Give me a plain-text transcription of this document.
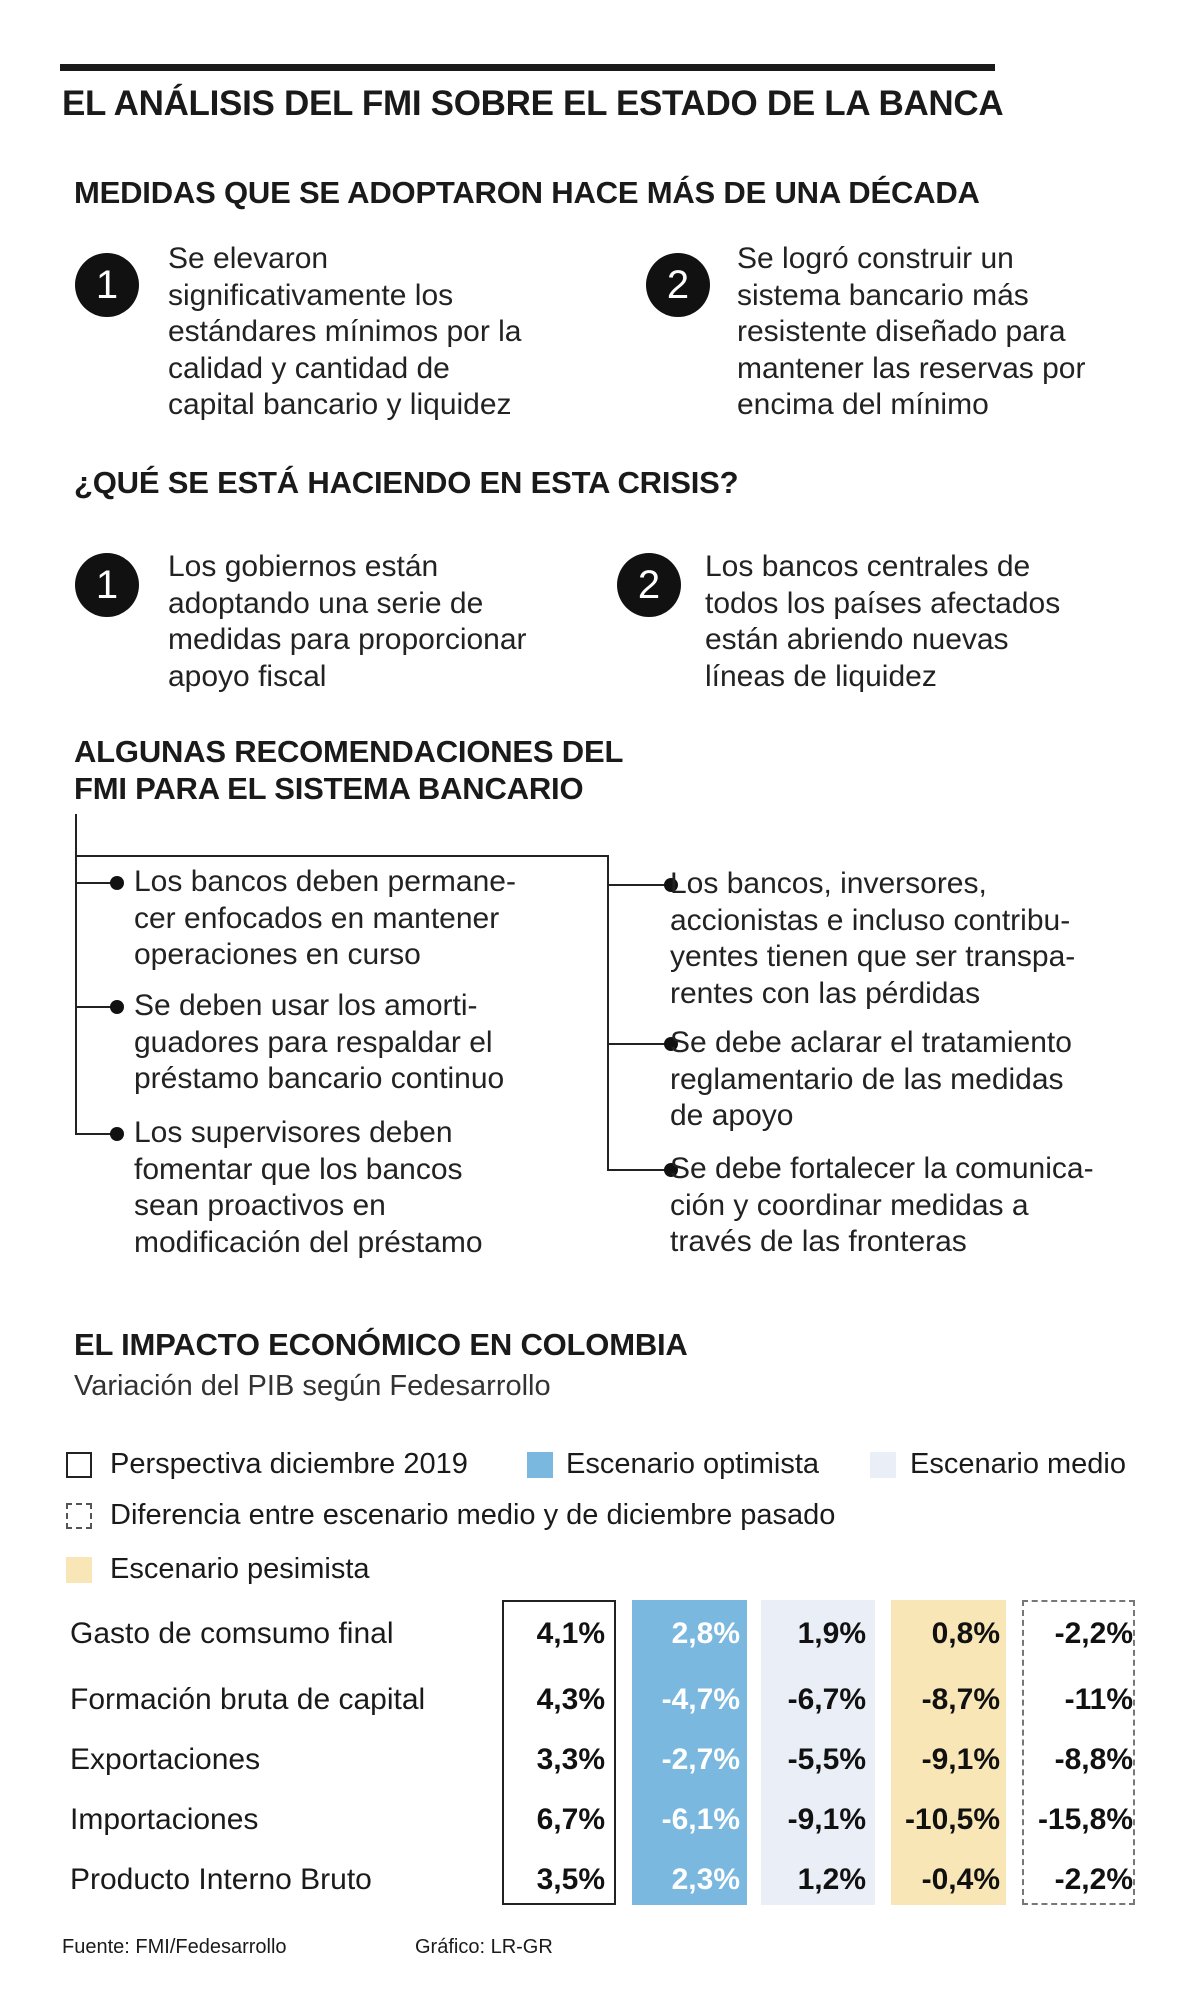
EL ANÁLISIS DEL FMI SOBRE EL ESTADO DE LA BANCA
MEDIDAS QUE SE ADOPTARON HACE MÁS DE UNA DÉCADA
1
Se elevaron
significativamente los
estándares mínimos por la
calidad y cantidad de
capital bancario y liquidez
2
Se logró construir un
sistema bancario más
resistente diseñado para
mantener las reservas por
encima del mínimo
¿QUÉ SE ESTÁ HACIENDO EN ESTA CRISIS?
1	Los gobiernos están
adoptando una serie de
medidas para proporcionar
apoyo fiscal
2	Los bancos centrales de
todos los países afectados
están abriendo nuevas
líneas de liquidez
ALGUNAS RECOMENDACIONES DEL
FMI PARA EL SISTEMA BANCARIO
Los bancos deben permane-
cer enfocados en mantener
operaciones en curso
Se deben usar los amorti-
guadores para respaldar el
préstamo bancario continuo
Los supervisores deben
fomentar que los bancos
sean proactivos en
modificación del préstamo
Los bancos, inversores,
accionistas e incluso contribu-
yentes tienen que ser transpa-
rentes con las pérdidas
Se debe aclarar el tratamiento
reglamentario de las medidas
de apoyo
Se debe fortalecer la comunica-
ción y coordinar medidas a
través de las fronteras
EL IMPACTO ECONÓMICO EN COLOMBIA
Variación del PIB según Fedesarrollo
Perspectiva diciembre 2019	Escenario optimista	Escenario medio
Diferencia entre escenario medio y de diciembre pasado
Escenario pesimista
Gasto de comsumo final	4,1% 2,8% 1,9% 0,8% -2,2%
Formación bruta de capital	4,3% -4,7% -6,7% -8,7% -11%
Exportaciones	3,3% -2,7% -5,5% -9,1% -8,8%
Importaciones	6,7% -6,1% -9,1% -10,5% -15,8%
Producto Interno Bruto	3,5% 2,3% 1,2% -0,4% -2,2%
Fuente: FMI/Fedesarrollo	Gráfico: LR-GR
